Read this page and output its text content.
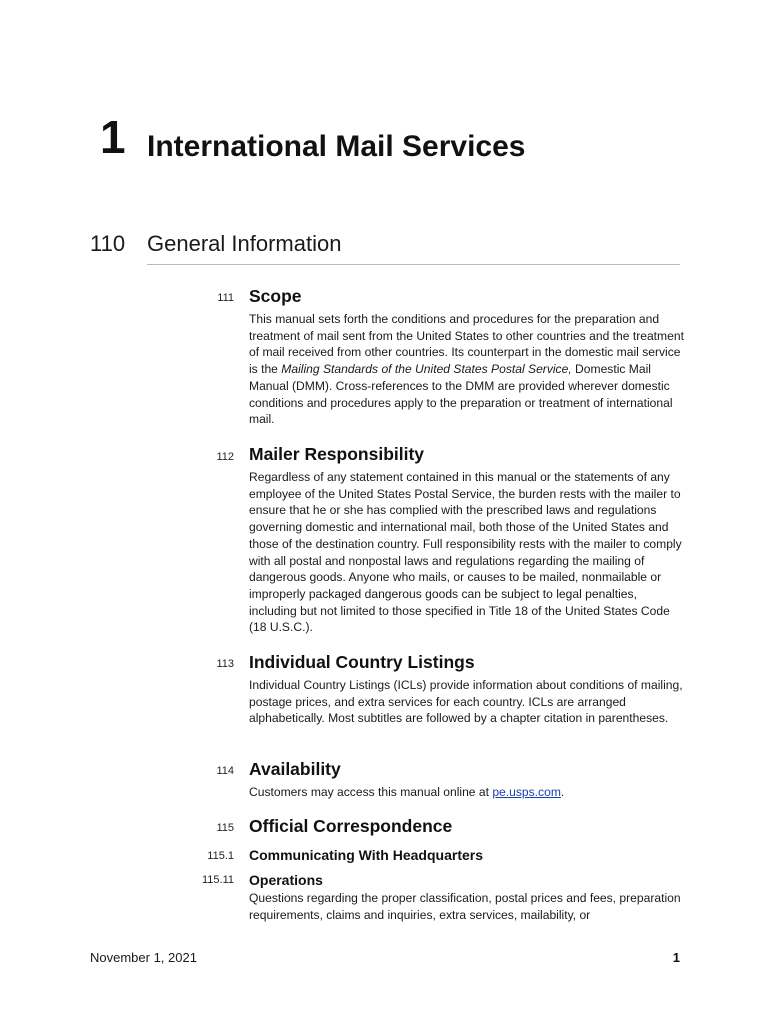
1 International Mail Services
110 General Information
111 Scope

This manual sets forth the conditions and procedures for the preparation and treatment of mail sent from the United States to other countries and the treatment of mail received from other countries. Its counterpart in the domestic mail service is the Mailing Standards of the United States Postal Service, Domestic Mail Manual (DMM). Cross-references to the DMM are provided wherever domestic conditions and procedures apply to the preparation or treatment of international mail.

112 Mailer Responsibility

Regardless of any statement contained in this manual or the statements of any employee of the United States Postal Service, the burden rests with the mailer to ensure that he or she has complied with the prescribed laws and regulations governing domestic and international mail, both those of the United States and those of the destination country. Full responsibility rests with the mailer to comply with all postal and nonpostal laws and regulations regarding the mailing of dangerous goods. Anyone who mails, or causes to be mailed, nonmailable or improperly packaged dangerous goods can be subject to legal penalties, including but not limited to those specified in Title 18 of the United States Code (18 U.S.C.).

113 Individual Country Listings

Individual Country Listings (ICLs) provide information about conditions of mailing, postage prices, and extra services for each country. ICLs are arranged alphabetically. Most subtitles are followed by a chapter citation in parentheses.

114 Availability

Customers may access this manual online at pe.usps.com.

115 Official Correspondence
115.1 Communicating With Headquarters
115.11 Operations

Questions regarding the proper classification, postal prices and fees, preparation requirements, claims and inquiries, extra services, mailability, or

November 1, 2021	1
